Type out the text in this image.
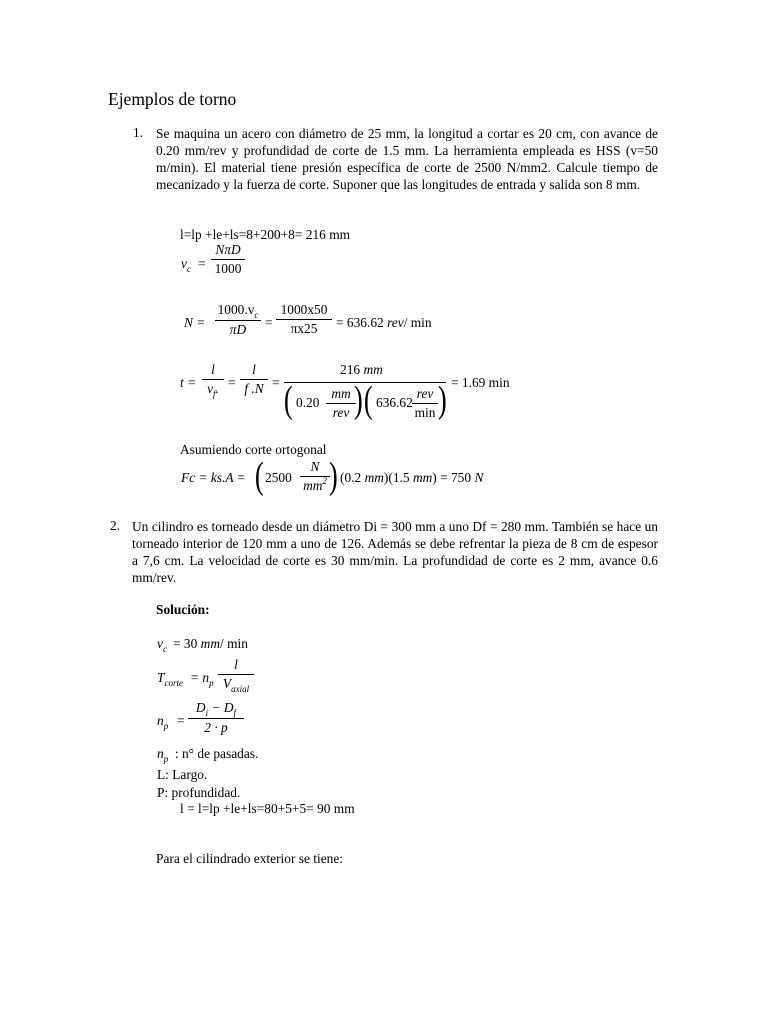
Ejemplos de torno
1. Se maquina un acero con diámetro de 25 mm, la longitud a cortar es 20 cm, con avance de 0.20 mm/rev y profundidad de corte de 1.5 mm. La herramienta empleada es HSS (v=50 m/min). El material tiene presión específica de corte de 2500 N/mm2. Calcule tiempo de mecanizado y la fuerza de corte. Suponer que las longitudes de entrada y salida son 8 mm.
l=lp +le+ls=8+200+8= 216 mm
$v_c$ =
NπD
1000
N =
$1000.v_c$
πD	=
1000x50
πx25	= 636.62 rev/ min
t =
l
$v_f$. =
l
f .N =
216 mm
( 0.20
mm
rev ) ( 636.62
rev
min ) = 1.69 min
Asumiendo corte ortogonal
Fc = ks.A = ( 2500
N
$mm^2$ ) (0.2 mm)(1.5 mm) = 750 N
2. Un cilindro es torneado desde un diámetro Di = 300 mm a uno Df = 280 mm. También se hace un torneado interior de 120 mm a uno de 126. Además se debe refrentar la pieza de 8 cm de espesor a 7,6 cm. La velocidad de corte es 30 mm/min. La profundidad de corte es 2 mm, avance 0.6 mm/rev.
Solución:
$v_c = 30$ mm/ min
$T_{corte} = n_p$
l
$V_{axial}$
$n_p$ =
$D_i - D_f$
2 · p
$n_p$ : n° de pasadas.
L: Largo.
P: profundidad.
l = l=lp +le+ls=80+5+5= 90 mm
Para el cilindrado exterior se tiene:
